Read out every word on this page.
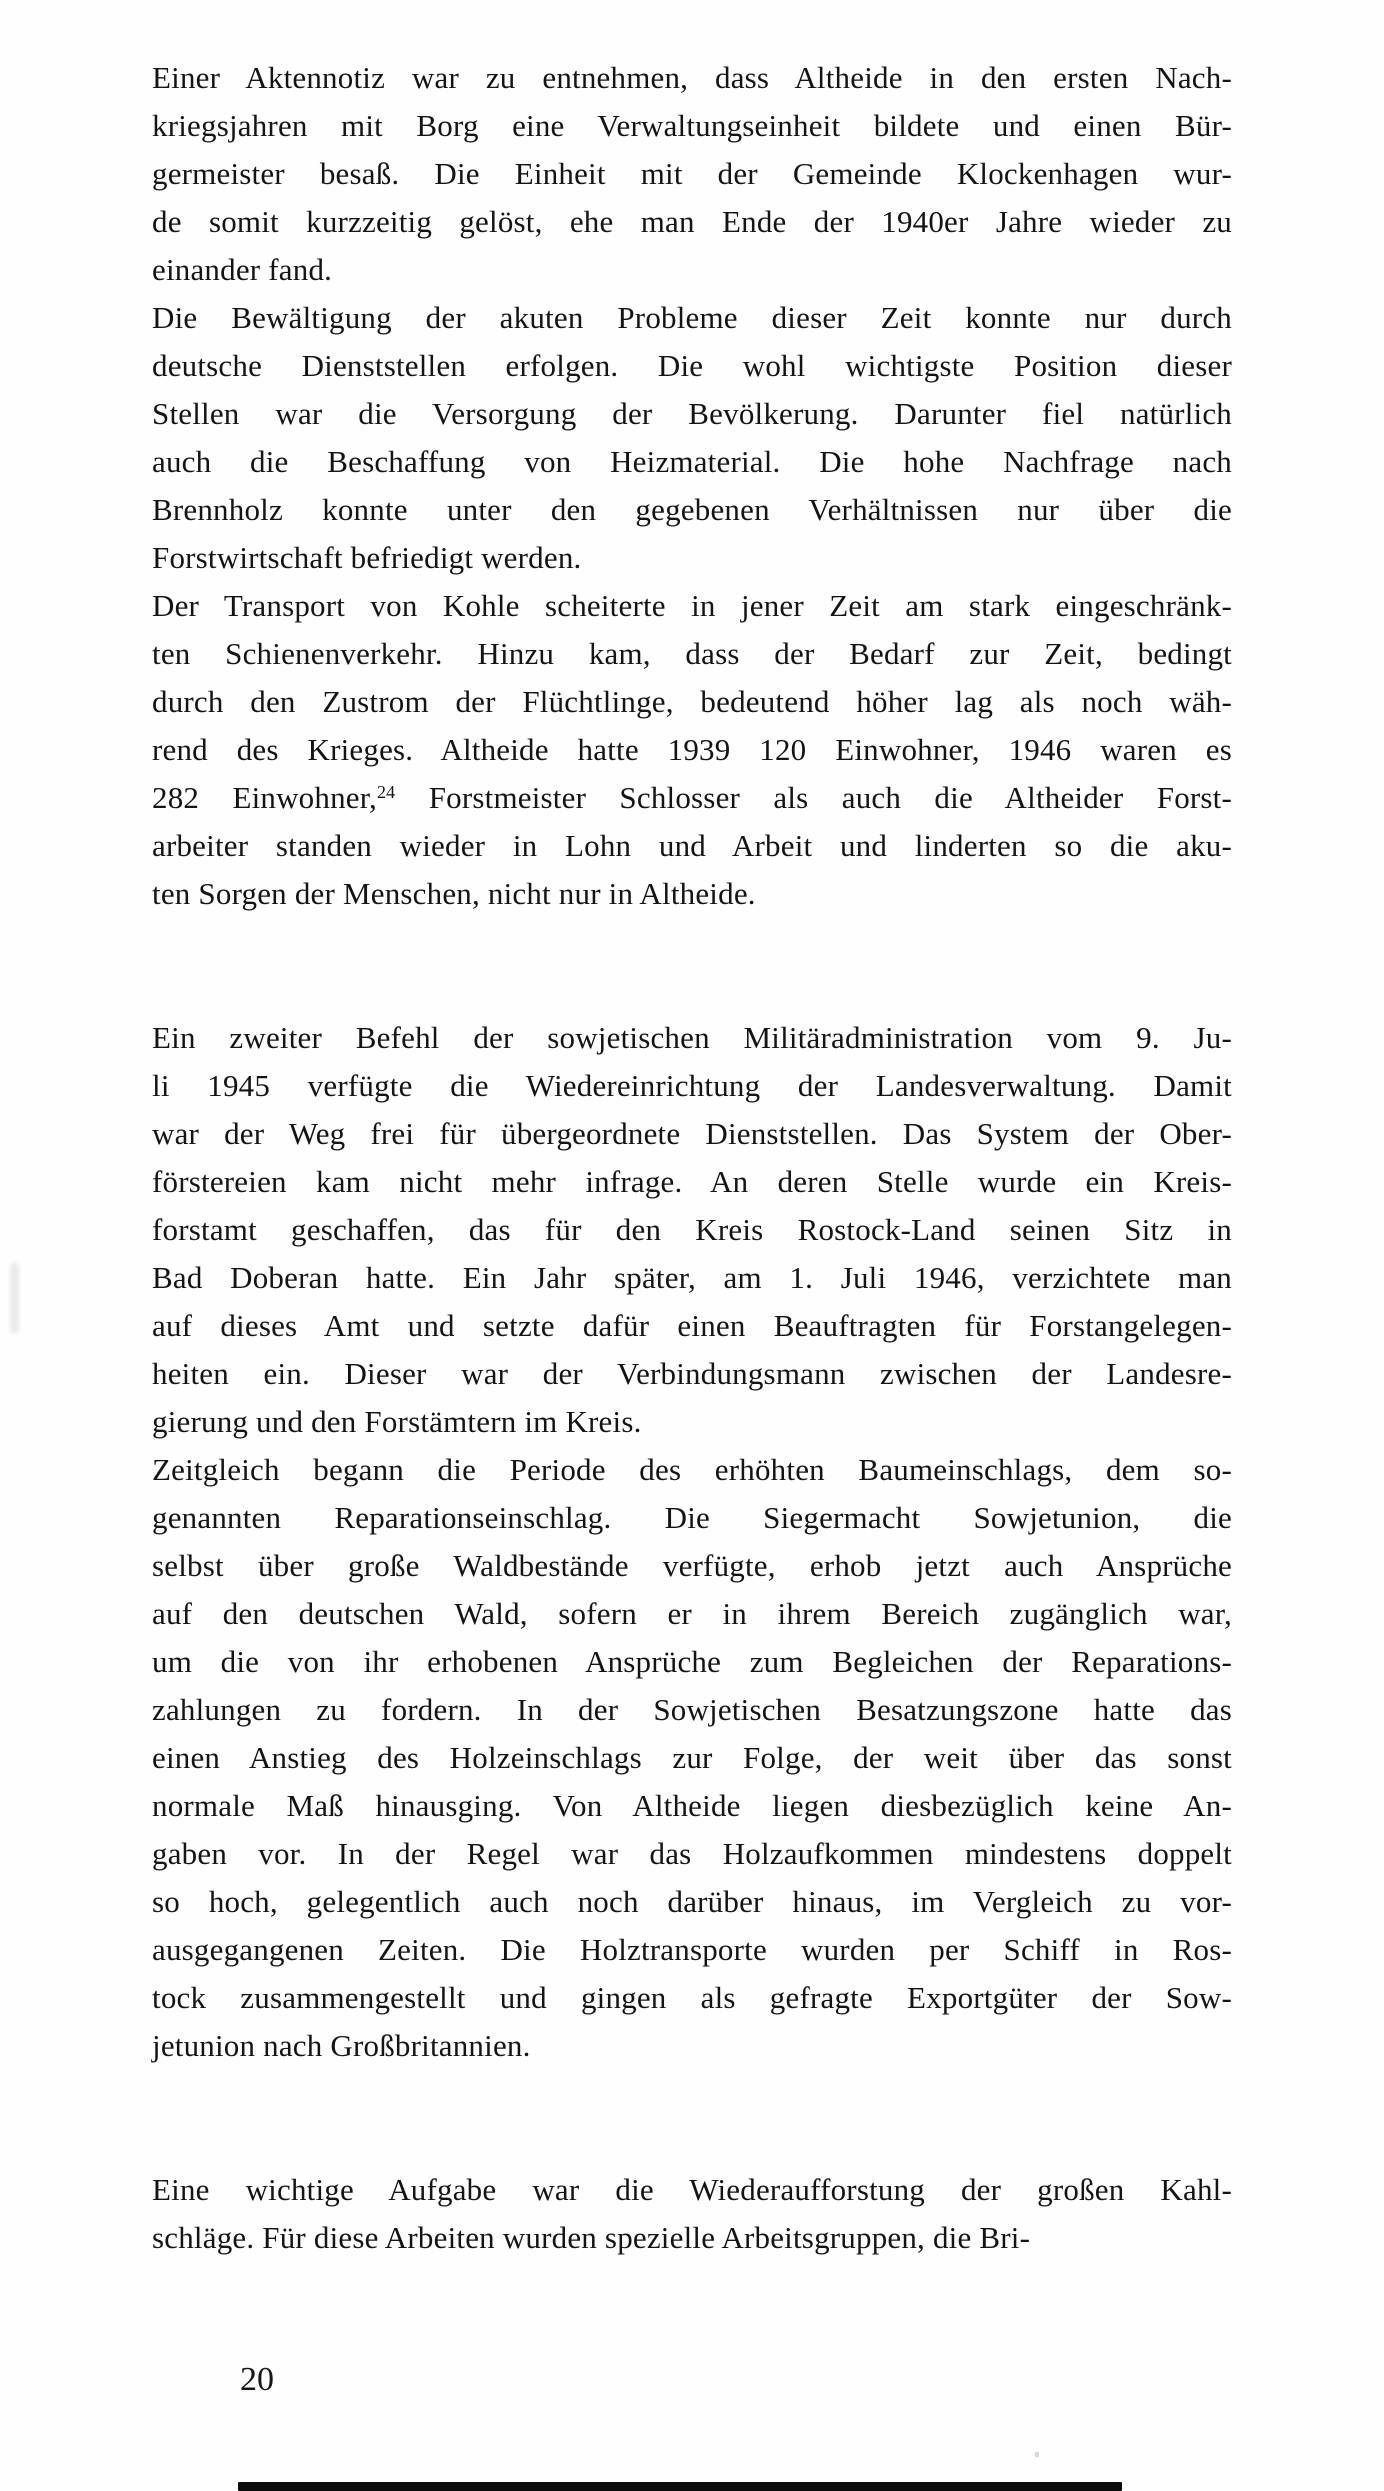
Einer Aktennotiz war zu entnehmen, dass Altheide in den ersten Nach-
kriegsjahren mit Borg eine Verwaltungseinheit bildete und einen Bür-
germeister besaß. Die Einheit mit der Gemeinde Klockenhagen wur-
de somit kurzzeitig gelöst, ehe man Ende der 1940er Jahre wieder zu
einander fand.
Die Bewältigung der akuten Probleme dieser Zeit konnte nur durch
deutsche Dienststellen erfolgen. Die wohl wichtigste Position dieser
Stellen war die Versorgung der Bevölkerung. Darunter fiel natürlich
auch die Beschaffung von Heizmaterial. Die hohe Nachfrage nach
Brennholz konnte unter den gegebenen Verhältnissen nur über die
Forstwirtschaft befriedigt werden.
Der Transport von Kohle scheiterte in jener Zeit am stark eingeschränk-
ten Schienenverkehr. Hinzu kam, dass der Bedarf zur Zeit, bedingt
durch den Zustrom der Flüchtlinge, bedeutend höher lag als noch wäh-
rend des Krieges. Altheide hatte 1939 120 Einwohner, 1946 waren es
282 Einwohner,$^{24}$ Forstmeister Schlosser als auch die Altheider Forst-
arbeiter standen wieder in Lohn und Arbeit und linderten so die aku-
ten Sorgen der Menschen, nicht nur in Altheide.
Ein zweiter Befehl der sowjetischen Militäradministration vom 9. Ju-
li 1945 verfügte die Wiedereinrichtung der Landesverwaltung. Damit
war der Weg frei für übergeordnete Dienststellen. Das System der Ober-
förstereien kam nicht mehr infrage. An deren Stelle wurde ein Kreis-
forstamt geschaffen, das für den Kreis Rostock-Land seinen Sitz in
Bad Doberan hatte. Ein Jahr später, am 1. Juli 1946, verzichtete man
auf dieses Amt und setzte dafür einen Beauftragten für Forstangelegen-
heiten ein. Dieser war der Verbindungsmann zwischen der Landesre-
gierung und den Forstämtern im Kreis.
Zeitgleich begann die Periode des erhöhten Baumeinschlags, dem so-
genannten Reparationseinschlag. Die Siegermacht Sowjetunion, die
selbst über große Waldbestände verfügte, erhob jetzt auch Ansprüche
auf den deutschen Wald, sofern er in ihrem Bereich zugänglich war,
um die von ihr erhobenen Ansprüche zum Begleichen der Reparations-
zahlungen zu fordern. In der Sowjetischen Besatzungszone hatte das
einen Anstieg des Holzeinschlags zur Folge, der weit über das sonst
normale Maß hinausging. Von Altheide liegen diesbezüglich keine An-
gaben vor. In der Regel war das Holzaufkommen mindestens doppelt
so hoch, gelegentlich auch noch darüber hinaus, im Vergleich zu vor-
ausgegangenen Zeiten. Die Holztransporte wurden per Schiff in Ros-
tock zusammengestellt und gingen als gefragte Exportgüter der Sow-
jetunion nach Großbritannien.
Eine wichtige Aufgabe war die Wiederaufforstung der großen Kahl-
schläge. Für diese Arbeiten wurden spezielle Arbeitsgruppen, die Bri-
20
